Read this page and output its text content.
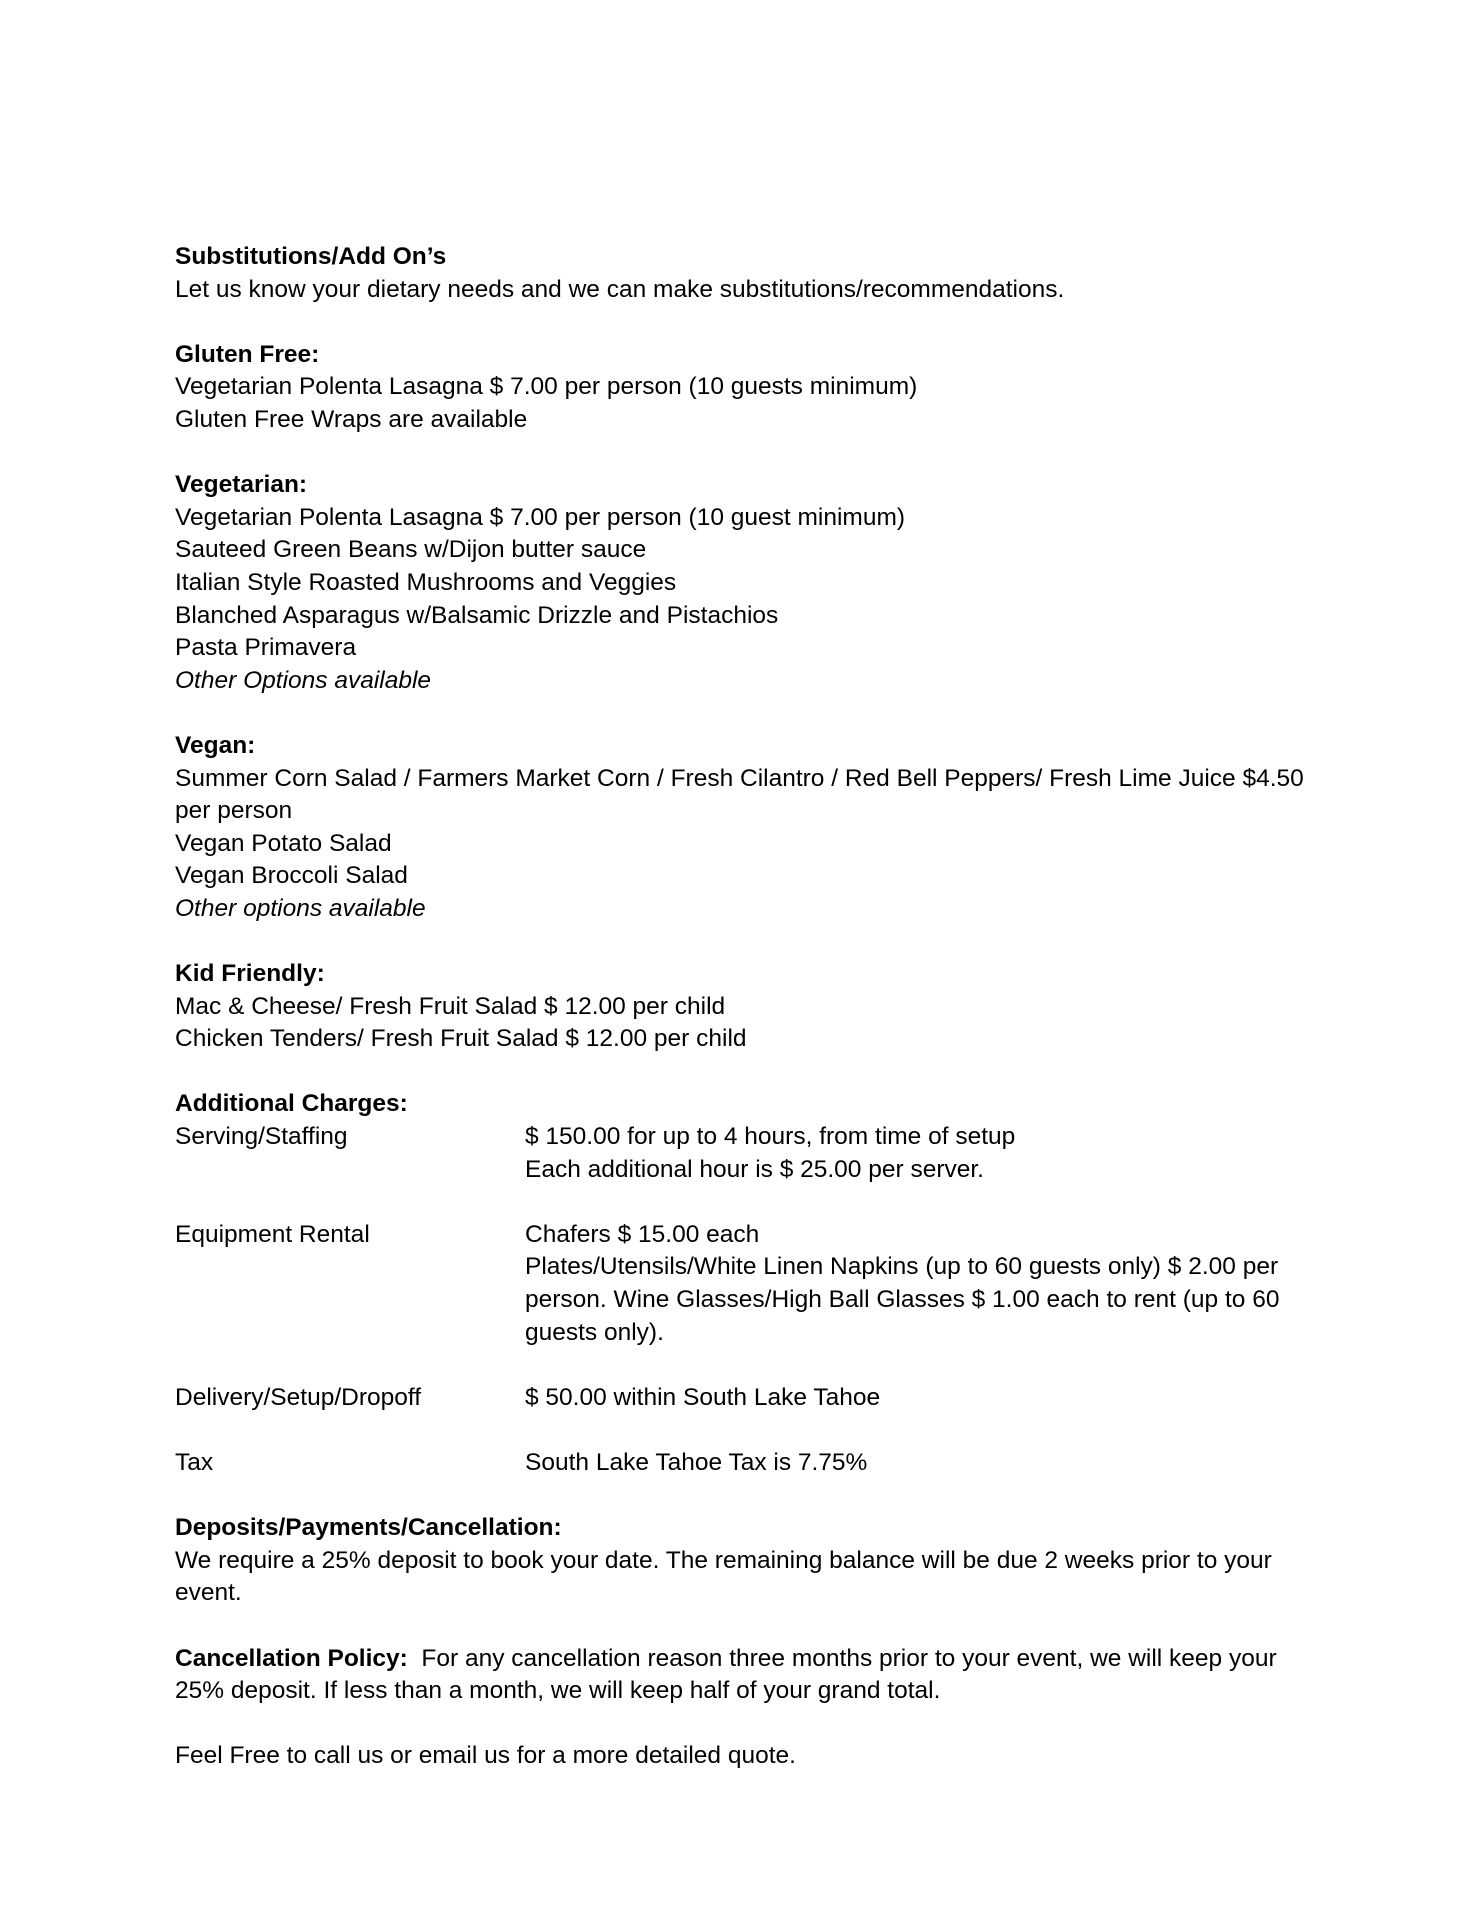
Substitutions/Add On’s
Let us know your dietary needs and we can make substitutions/recommendations.
Gluten Free:
Vegetarian Polenta Lasagna $ 7.00 per person (10 guests minimum)
Gluten Free Wraps are available
Vegetarian:
Vegetarian Polenta Lasagna $ 7.00 per person (10 guest minimum)
Sauteed Green Beans w/Dijon butter sauce
Italian Style Roasted Mushrooms and Veggies
Blanched Asparagus w/Balsamic Drizzle and Pistachios
Pasta Primavera
Other Options available
Vegan:
Summer Corn Salad / Farmers Market Corn / Fresh Cilantro / Red Bell Peppers/ Fresh Lime Juice $4.50
per person
Vegan Potato Salad
Vegan Broccoli Salad
Other options available
Kid Friendly:
Mac & Cheese/ Fresh Fruit Salad $ 12.00 per child
Chicken Tenders/ Fresh Fruit Salad $ 12.00 per child
Additional Charges:
Serving/Staffing	$ 150.00 for up to 4 hours, from time of setup
Each additional hour is $ 25.00 per server.
Equipment Rental	Chafers $ 15.00 each
Plates/Utensils/White Linen Napkins (up to 60 guests only) $ 2.00 per
person. Wine Glasses/High Ball Glasses $ 1.00 each to rent (up to 60
guests only).
Delivery/Setup/Dropoff	$ 50.00 within South Lake Tahoe
Tax	South Lake Tahoe Tax is 7.75%
Deposits/Payments/Cancellation:
We require a 25% deposit to book your date. The remaining balance will be due 2 weeks prior to your
event.
Cancellation Policy:  For any cancellation reason three months prior to your event, we will keep your
25% deposit. If less than a month, we will keep half of your grand total.
Feel Free to call us or email us for a more detailed quote.
